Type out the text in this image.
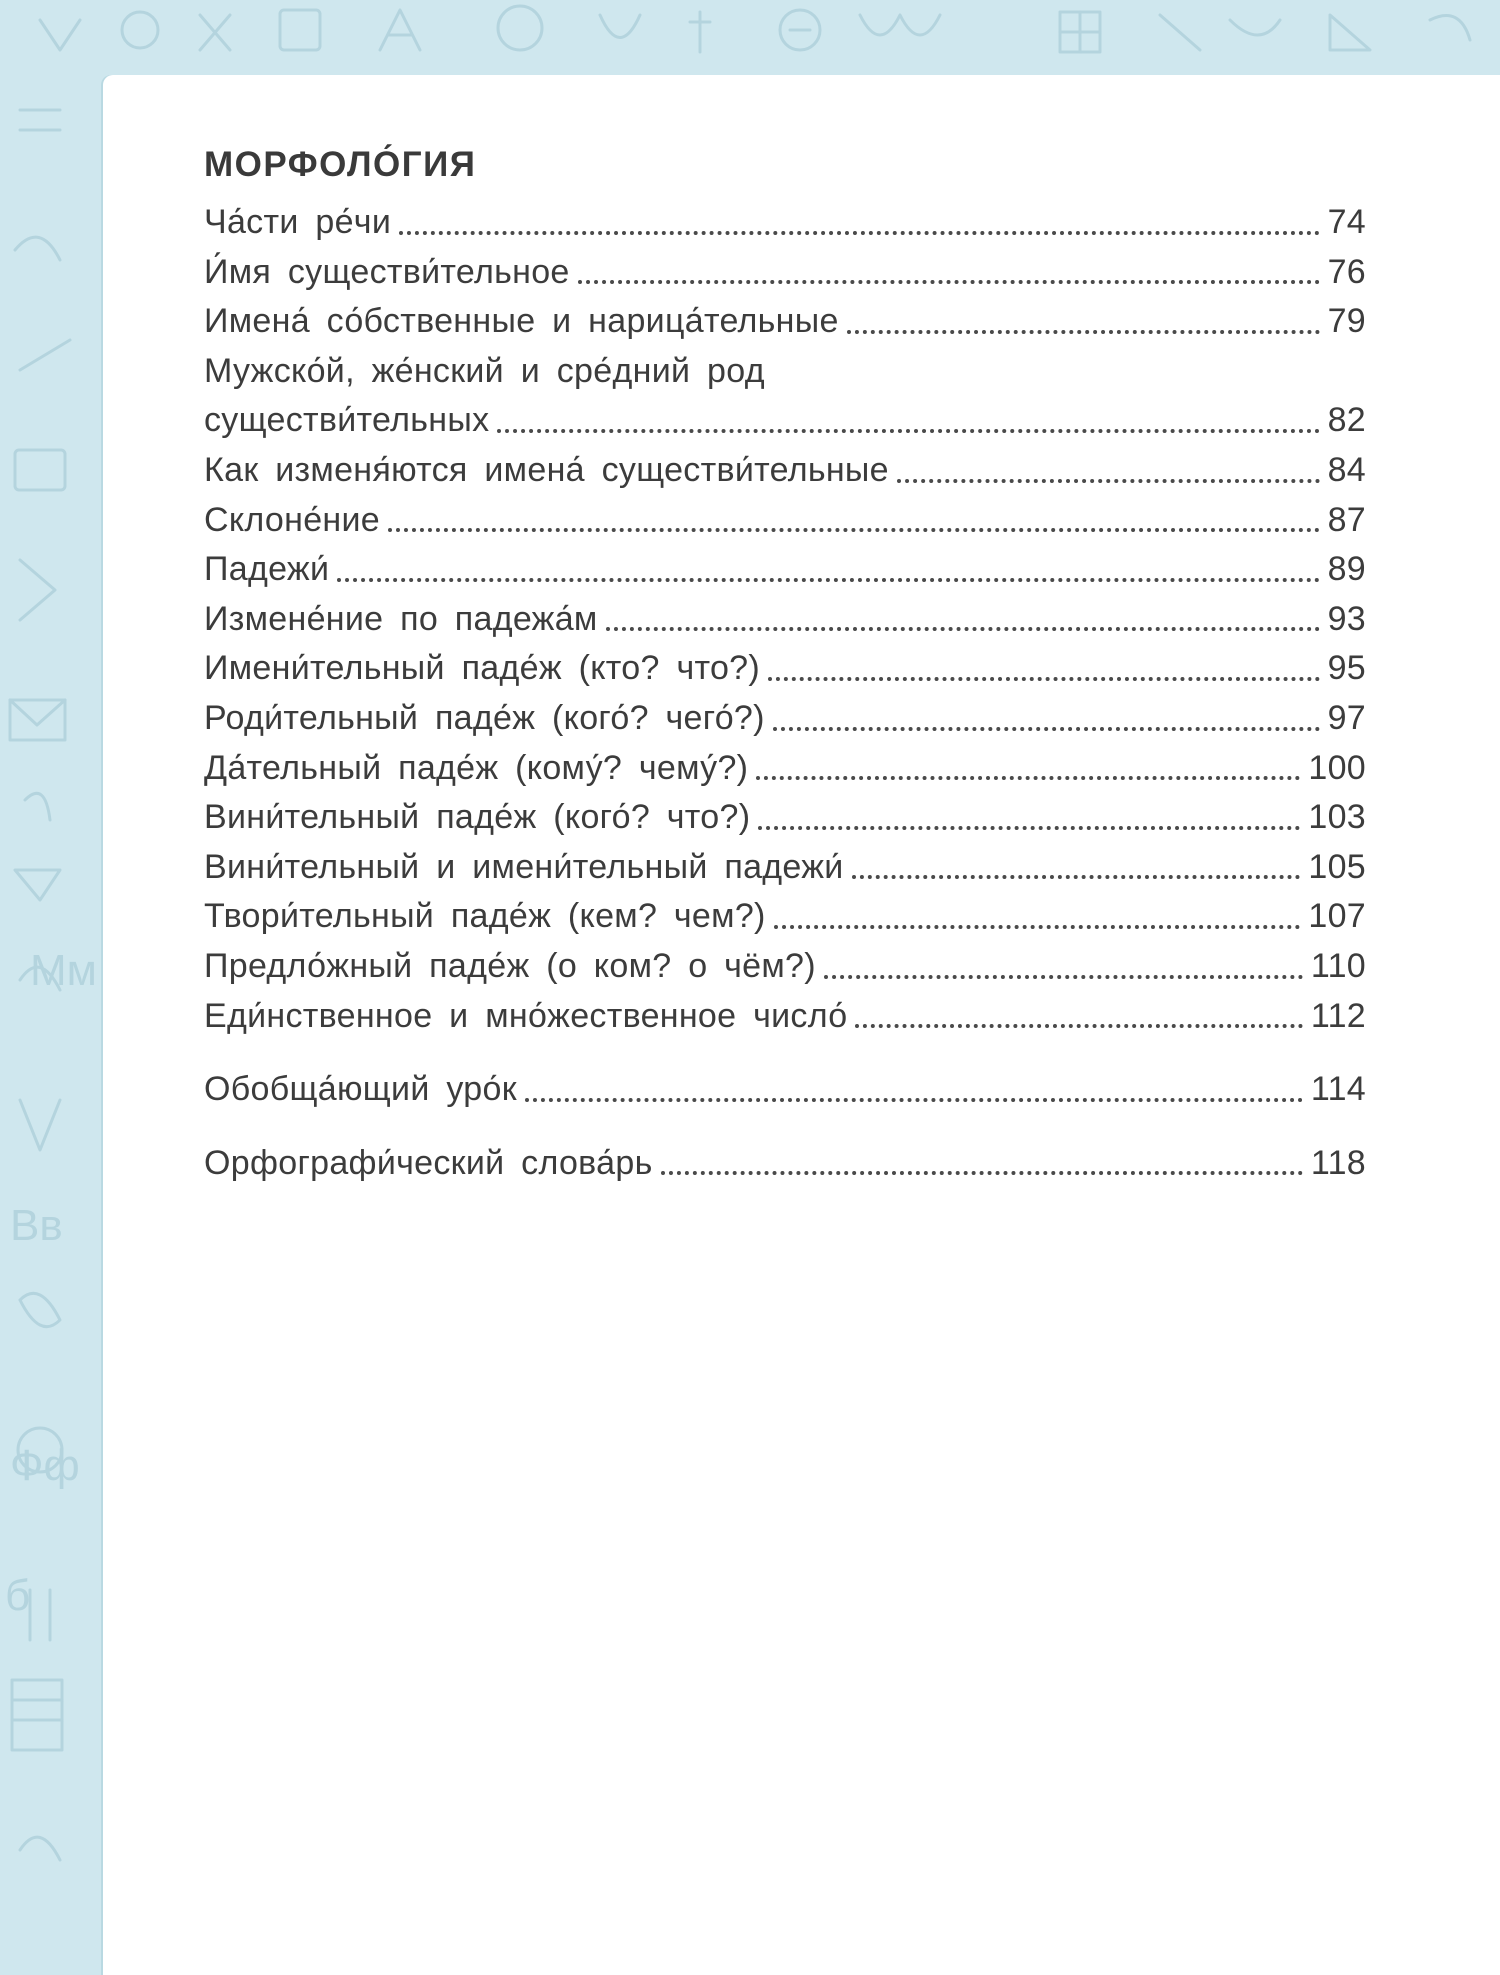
Мм
Вв
Фф
б
МОРФОЛО́ГИЯ
Ча́сти ре́чи	74
И́мя существи́тельное	76
Имена́ со́бственные и нарица́тельные	79
Мужско́й, же́нский и сре́дний род
существи́тельных	82
Как изменя́ются имена́ существи́тельные	84
Склоне́ние	87
Падежи́	89
Измене́ние по падежа́м	93
Имени́тельный паде́ж (кто? что?)	95
Роди́тельный паде́ж (кого́? чего́?)	97
Да́тельный паде́ж (кому́? чему́?)	100
Вини́тельный паде́ж (кого́? что?)	103
Вини́тельный и имени́тельный падежи́	105
Твори́тельный паде́ж (кем? чем?)	107
Предло́жный паде́ж (о ком? о чём?)	110
Еди́нственное и мно́жественное число́	112
Обобща́ющий уро́к	114
Орфографи́ческий слова́рь	118
